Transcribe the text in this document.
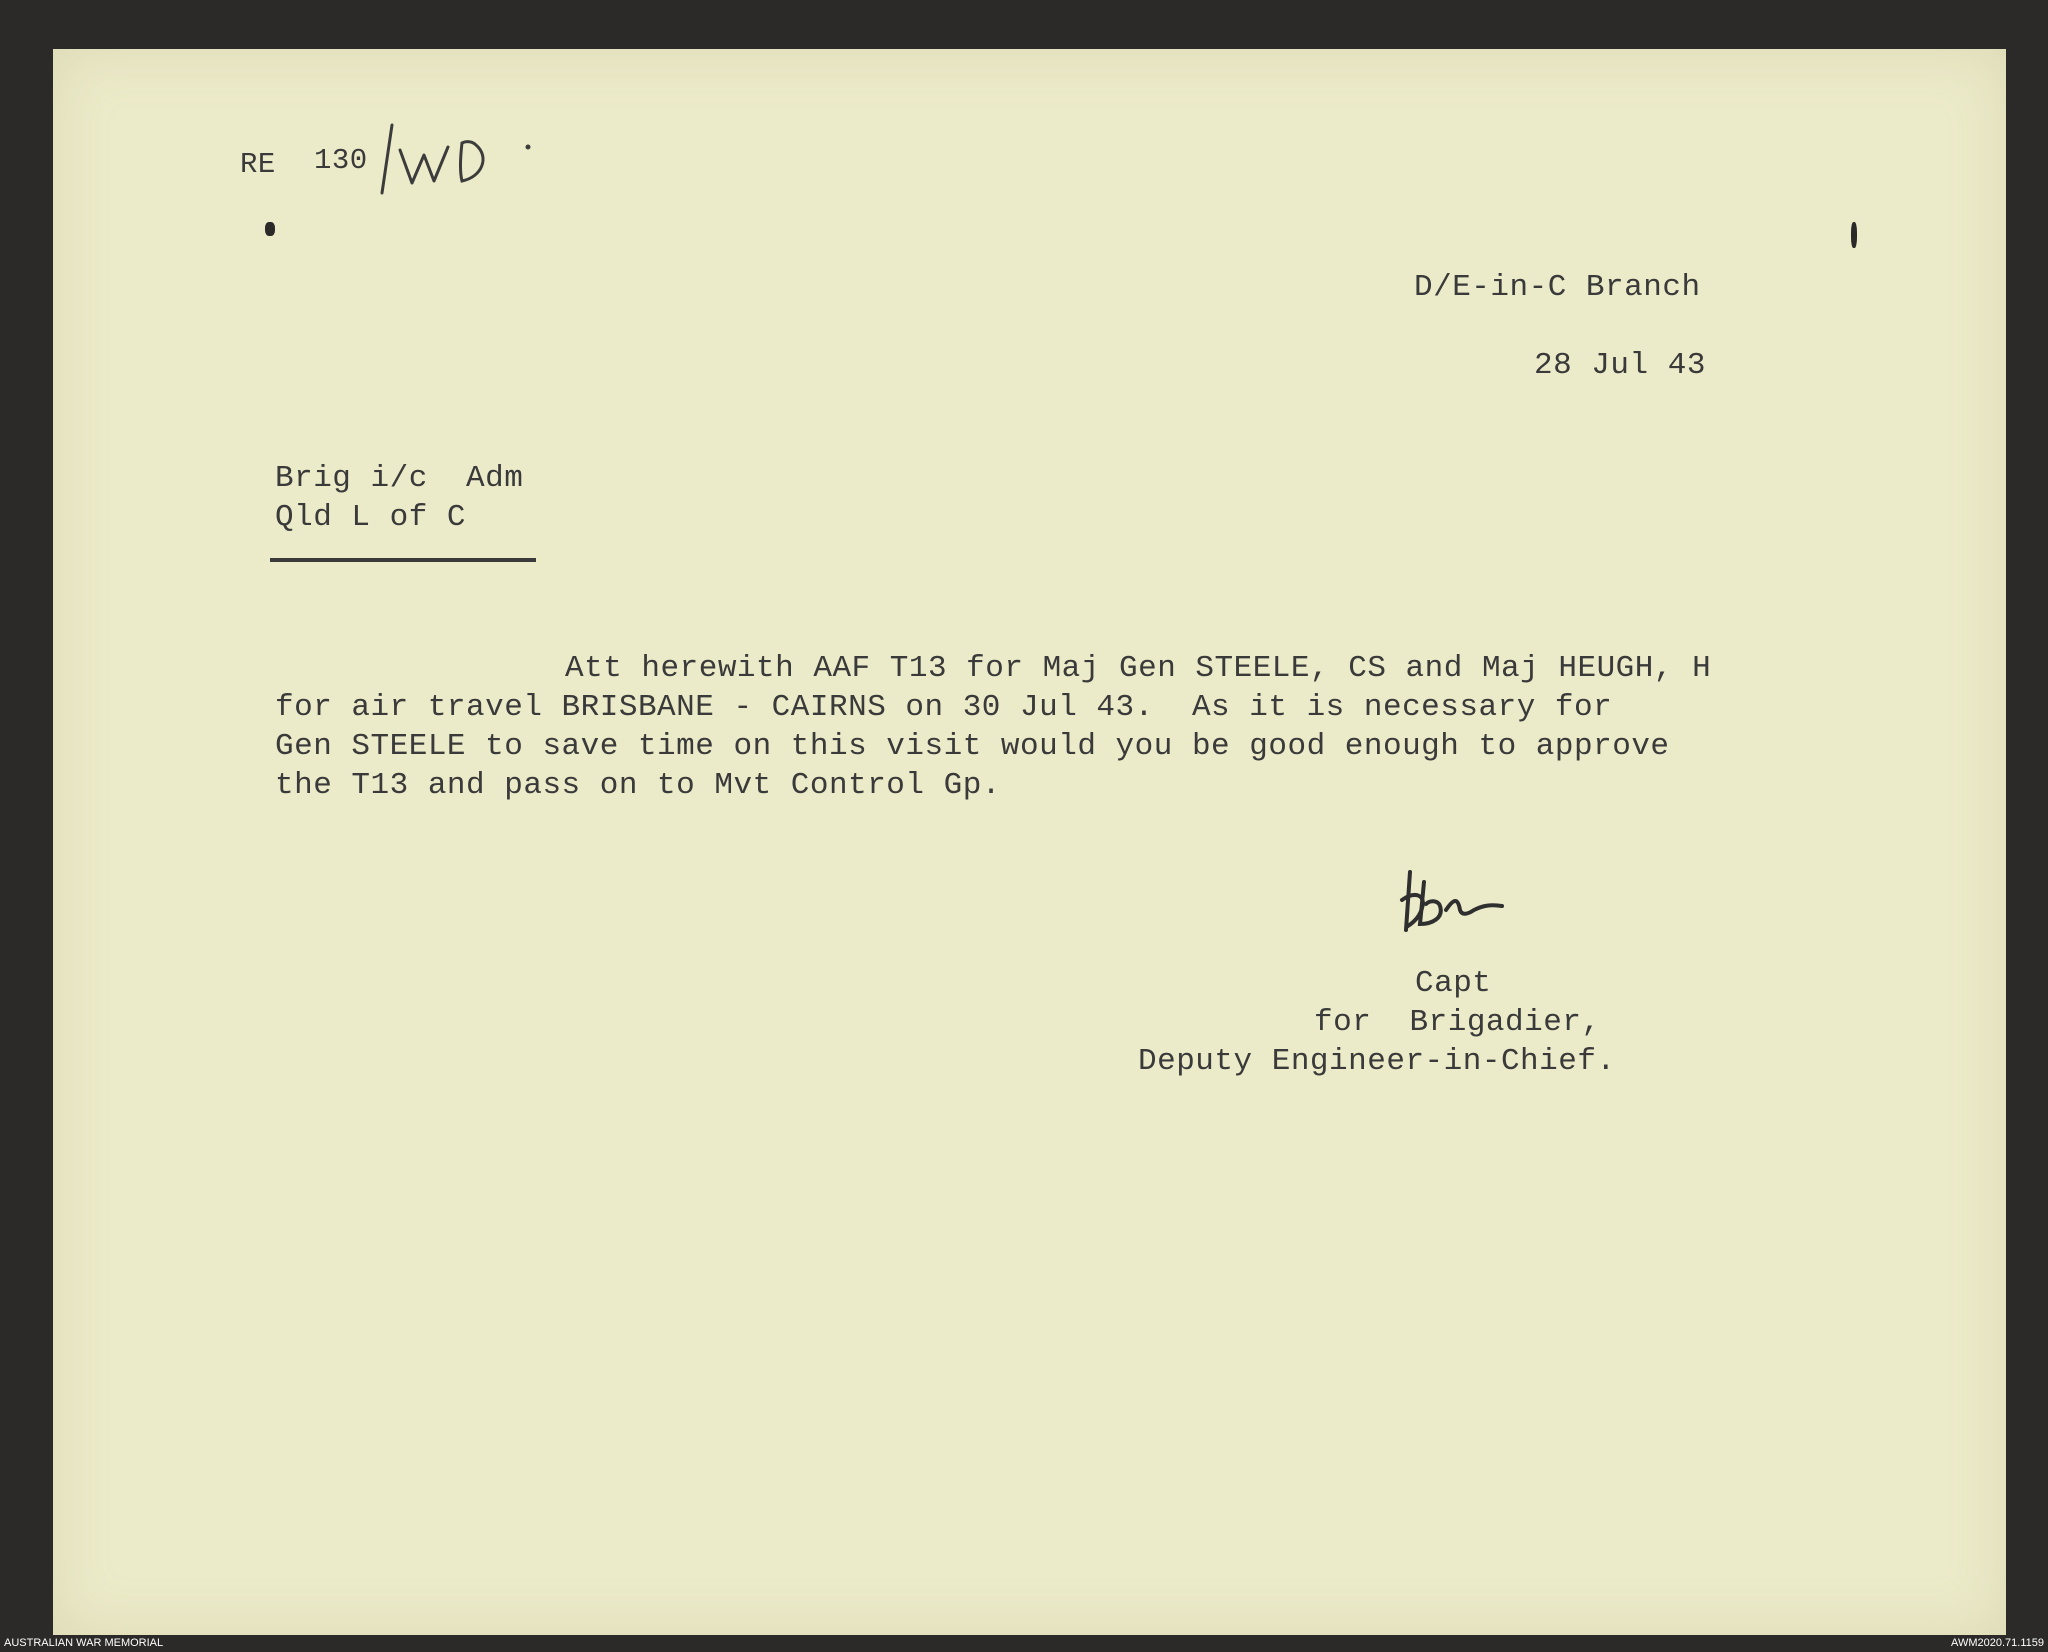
RE 130
D/E-in-C Branch
28 Jul 43
Brig i/c  Adm
Qld L of C

Att herewith AAF T13 for Maj Gen STEELE, CS and Maj HEUGH, H

for air travel BRISBANE - CAIRNS on 30 Jul 43.  As it is necessary for

Gen STEELE to save time on this visit would you be good enough to approve

the T13 and pass on to Mvt Control Gp.

Capt
for  Brigadier,
Deputy Engineer-in-Chief.
AUSTRALIAN WAR MEMORIAL	AWM2020.71.1159
